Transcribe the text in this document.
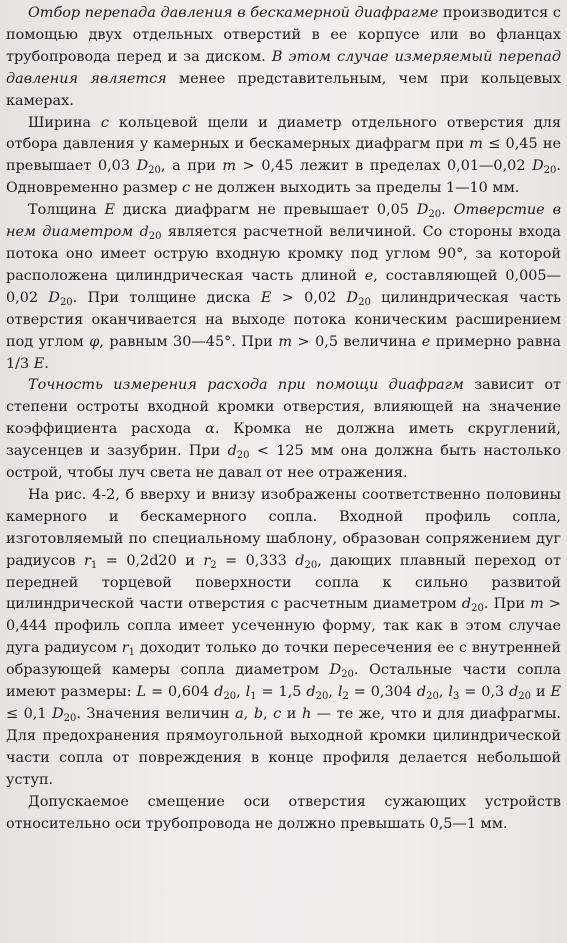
Отбор перепада давления в бескамерной диафрагме производится с помощью двух отдельных отверстий в ее корпусе или во фланцах трубопровода перед и за диском. В этом случае измеряемый перепад давления является менее представительным, чем при кольцевых камерах.

Ширина c кольцевой щели и диаметр отдельного отверстия для отбора давления у камерных и бескамерных диафрагм при m ≤ 0,45 не превышает 0,03 $D_{20}$, а при m > 0,45 лежит в пределах 0,01—0,02 $D_{20}$. Одновременно размер c не должен выходить за пределы 1—10 мм.

Толщина E диска диафрагм не превышает 0,05 $D_{20}$. Отверстие в нем диаметром $d_{20}$ является расчетной величиной. Со стороны входа потока оно имеет острую входную кромку под углом 90°, за которой расположена цилиндрическая часть длиной e, составляющей 0,005—0,02 $D_{20}$. При толщине диска E > 0,02 $D_{20}$ цилиндрическая часть отверстия оканчивается на выходе потока коническим расширением под углом φ, равным 30—45°. При m > 0,5 величина e примерно равна 1/3 E.

Точность измерения расхода при помощи диафрагм зависит от степени остроты входной кромки отверстия, влияющей на значение коэффициента расхода α. Кромка не должна иметь скруглений, заусенцев и зазубрин. При $d_{20} < 125$ мм она должна быть настолько острой, чтобы луч света не давал от нее отражения.

На рис. 4-2, б вверху и внизу изображены соответственно половины камерного и бескамерного сопла. Входной профиль сопла, изготовляемый по специальному шаблону, образован сопряжением дуг радиусов $r_1 = 0,2d20$ и $r_2 = 0,333$ $d_{20}$, дающих плавный переход от передней торцевой поверхности сопла к сильно развитой цилиндрической части отверстия с расчетным диаметром $d_{20}$. При m > 0,444 профиль сопла имеет усеченную форму, так как в этом случае дуга радиусом $r_1$ доходит только до точки пересечения ее с внутренней образующей камеры сопла диаметром $D_{20}$. Остальные части сопла имеют размеры: L = 0,604 $d_{20}$, $l_1 = 1,5$ $d_{20}$, $l_2 = 0,304$ $d_{20}$, $l_3 = 0,3$ $d_{20}$ и E ≤ 0,1 $D_{20}$. Значения величин a, b, c и h — те же, что и для диафрагмы. Для предохранения прямоугольной выходной кромки цилиндрической части сопла от повреждения в конце профиля делается небольшой уступ.

Допускаемое смещение оси отверстия сужающих устройств относительно оси трубопровода не должно превышать 0,5—1 мм.
